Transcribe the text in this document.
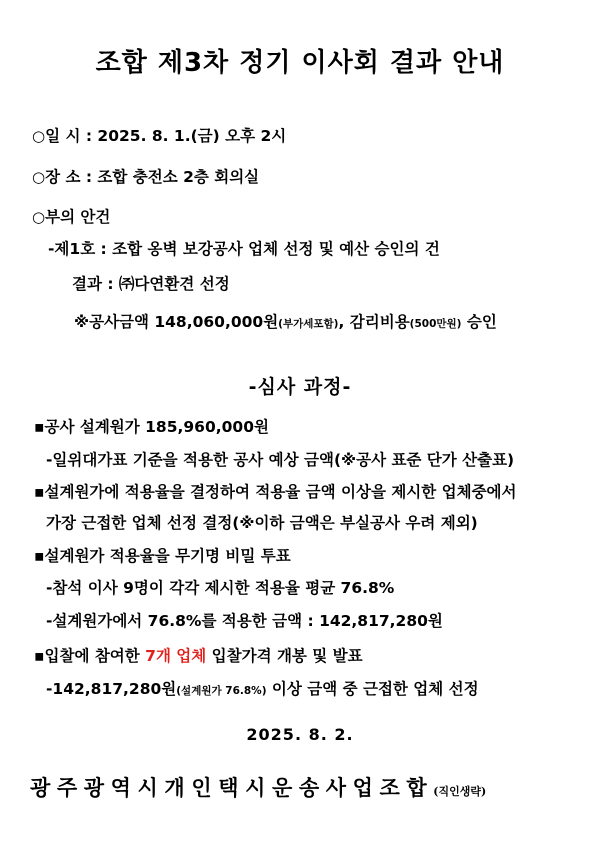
조합 제3차 정기 이사회 결과 안내
○일 시 : 2025. 8. 1.(금) 오후 2시
○장 소 : 조합 충전소 2층 회의실
○부의 안건
-제1호 : 조합 옹벽 보강공사 업체 선정 및 예산 승인의 건
결과 : ㈜다연환견 선정
※공사금액 148,060,000원(부가세포함), 감리비용(500만원) 승인
-심사 과정-
▪공사 설계원가 185,960,000원
-일위대가표 기준을 적용한 공사 예상 금액(※공사 표준 단가 산출표)
▪설계원가에 적용율을 결정하여 적용율 금액 이상을 제시한 업체중에서
가장 근접한 업체 선정 결정(※이하 금액은 부실공사 우려 제외)
▪설계원가 적용율을 무기명 비밀 투표
-참석 이사 9명이 각각 제시한 적용율 평균 76.8%
-설계원가에서 76.8%를 적용한 금액 : 142,817,280원
▪입찰에 참여한 7개 업체 입찰가격 개봉 및 발표
-142,817,280원(설계원가 76.8%) 이상 금액 중 근접한 업체 선정
2025. 8. 2.
광주광역시개인택시운송사업조합(직인생략)
